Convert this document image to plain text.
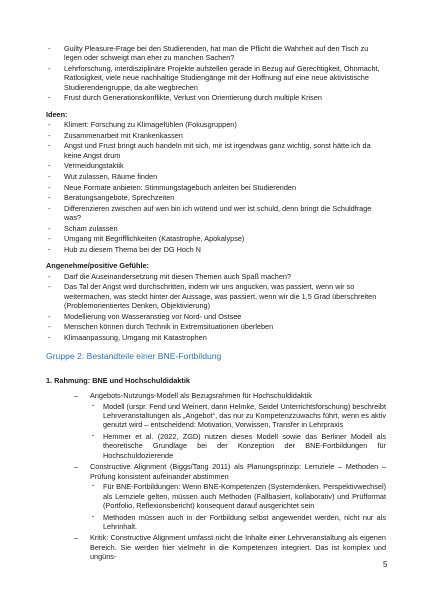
- Guilty Pleasure-Frage bei den Studierenden, hat man die Pflicht die Wahrheit auf den Tisch zu legen oder schweigt man eher zu manchen Sachen?
- Lehrforschung, interdisziplinäre Projekte aufstellen gerade in Bezug auf Gerechtigkeit, Ohnmacht, Ratlosigkeit, viele neue nachhaltige Studiengänge mit der Hoffnung auf eine neue aktivistische Studierendengruppe, da alte wegbrechen
- Frust durch Generationskonflikte, Verlust von Orientierung durch multiple Krisen
Ideen:
- Klimert: Forschung zu Klimagefühlen (Fokusgruppen)
- Zusammenarbeit mit Krankenkassen
- Angst und Frust bringt auch handeln mit sich, mir ist irgendwas ganz wichtig, sonst hätte ich da keine Angst drum
- Vermeidungstaktik
- Wut zulassen, Räume finden
- Neue Formate anbieten: Stimmungstagebuch anleiten bei Studierenden
- Beratungsangebote, Sprechzeiten
- Differenzieren zwischen auf wen bin ich wütend und wer ist schuld, denn bringt die Schuldfrage was?
- Scham zulassen
- Umgang mit Begrifflichkeiten (Katastrophe, Apokalypse)
- Hub zu diesem Thema bei der DG Hoch N
Angenehme/positive Gefühle:
- Darf die Auseinandersetzung mit diesen Themen auch Spaß machen?
- Das Tal der Angst wird durchschritten, indem wir uns angucken, was passiert, wenn wir so weitermachen, was steckt hinter der Aussage, was passiert, wenn wir die 1,5 Grad überschreiten (Problemorientiertes Denken, Objektivierung)
- Modellierung von Wasseranstieg vor Nord- und Ostsee
- Menschen können durch Technik in Extremsituationen überleben
- Klimaanpassung, Umgang mit Katastrophen
Gruppe 2: Bestandteile einer BNE-Fortbildung
1. Rahmung: BNE und Hochschuldidaktik
– Angebots-Nutzungs-Modell als Bezugsrahmen für Hochschuldidaktik
· Modell (urspr. Fend und Weinert, dann Helmke, Seidel Unterrichtsforschung) beschreibt Lehrveranstaltungen als „Angebot“, das nur zu Kompetenzzuwachs führt, wenn es aktiv genutzt wird – entscheidend: Motivation, Vorwissen, Transfer in Lehrpraxis
· Hemmer et al. (2022, ZGD) nutzen dieses Modell sowie das Berliner Modell als theoretische Grundlage bei der Konzeption der BNE-Fortbildungen für Hochschuldozierende
– Constructive Alignment (Biggs/Tang 2011) als Planungsprinzip: Lernziele – Methoden – Prüfung konsistent aufeinander abstimmen
· Für BNE-Fortbildungen: Wenn BNE-Kompetenzen (Systemdenken, Perspektivwechsel) als Lernziele gelten, müssen auch Methoden (Fallbasiert, kollaborativ) und Prüfformat (Portfolio, Reflexionsbericht) konsequent darauf ausgerichtet sein
· Methoden müssen auch in der Fortbildung selbst angewendet werden, nicht nur als Lehrinhalt.
– Kritik: Constructive Alignment umfasst nicht die Inhalte einer Lehrveranstaltung als eigenen Bereich. Sie werden hier vielmehr in die Kompetenzen integriert. Das ist komplex und ungüns-
5
